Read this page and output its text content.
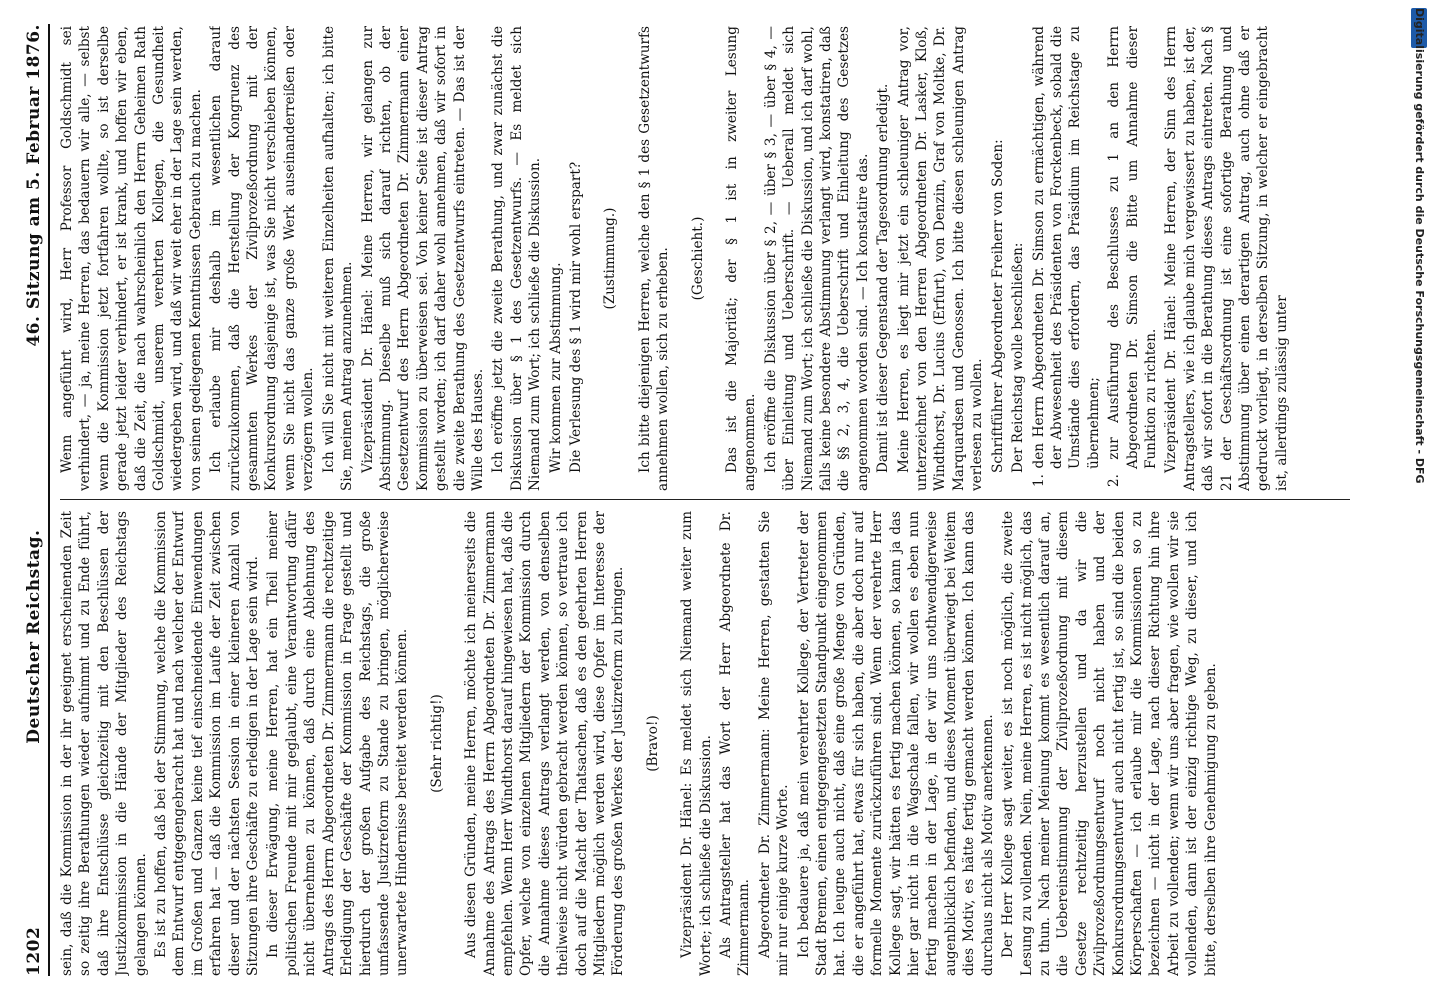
1202
Deutscher Reichstag.
46. Sitzung am 5. Februar 1876.

sein, daß die Kommission in der ihr geeignet erscheinenden Zeit so zeitig ihre Berathungen wieder aufnimmt und zu Ende führt, daß ihre Entschlüsse gleichzeitig mit den Beschlüssen der Justizkommission in die Hände der Mitglieder des Reichstags gelangen können. Es ist zu hoffen, daß bei der Stimmung, welche die Kommission dem Entwurf entgegengebracht hat und nach welcher der Entwurf im Großen und Ganzen keine tief einschneidende Einwendungen erfahren hat — daß die Kommission im Laufe der Zeit zwischen dieser und der nächsten Session in einer kleineren Anzahl von Sitzungen ihre Geschäfte zu erledigen in der Lage sein wird. In dieser Erwägung, meine Herren, hat ein Theil meiner politischen Freunde mit mir geglaubt, eine Verantwortung dafür nicht übernehmen zu können, daß durch eine Ablehnung des Antrags des Herrn Abgeordneten Dr. Zimmermann die rechtzeitige Erledigung der Geschäfte der Kommission in Frage gestellt und hierdurch der großen Aufgabe des Reichstags, die große umfassende Justizreform zu Stande zu bringen, möglicherweise unerwartete Hindernisse bereitet werden können. (Sehr richtig!) Aus diesen Gründen, meine Herren, möchte ich meinerseits die Annahme des Antrags des Herrn Abgeordneten Dr. Zimmermann empfehlen. Wenn Herr Windthorst darauf hingewiesen hat, daß die Opfer, welche von einzelnen Mitgliedern der Kommission durch die Annahme dieses Antrags verlangt werden, von denselben theilweise nicht würden gebracht werden können, so vertraue ich doch auf die Macht der Thatsachen, daß es den geehrten Herren Mitgliedern möglich werden wird, diese Opfer im Interesse der Förderung des großen Werkes der Justizreform zu bringen. (Bravo!) Vizepräsident Dr. Hänel: Es meldet sich Niemand weiter zum Worte; ich schließe die Diskussion. Als Antragsteller hat das Wort der Herr Abgeordnete Dr. Zimmermann. Abgeordneter Dr. Zimmermann: Meine Herren, gestatten Sie mir nur einige kurze Worte. Ich bedauere ja, daß mein verehrter Kollege, der Vertreter der Stadt Bremen, einen entgegengesetzten Standpunkt eingenommen hat. Ich leugne auch nicht, daß eine große Menge von Gründen, die er angeführt hat, etwas für sich haben, die aber doch nur auf formelle Momente zurückzuführen sind. Wenn der verehrte Herr Kollege sagt, wir hätten es fertig machen können, so kann ja das hier gar nicht in die Wagschale fallen, wir wollen es eben nun fertig machen in der Lage, in der wir uns nothwendigerweise augenblicklich befinden, und dieses Moment überwiegt bei Weitem dies Motiv, es hätte fertig gemacht werden können. Ich kann das durchaus nicht als Motiv anerkennen. Der Herr Kollege sagt weiter, es ist noch möglich, die zweite Lesung zu vollenden. Nein, meine Herren, es ist nicht möglich, das zu thun. Nach meiner Meinung kommt es wesentlich darauf an, die Uebereinstimmung der Zivilprozeßordnung mit diesem Gesetze rechtzeitig herzustellen und da wir die Zivilprozeßordnungsentwurf noch nicht haben und der Konkursordnungsentwurf auch nicht fertig ist, so sind die beiden Körperschaften — ich erlaube mir die Kommissionen so zu bezeichnen — nicht in der Lage, nach dieser Richtung hin ihre Arbeit zu vollenden; wenn wir uns aber fragen, wie wollen wir sie vollenden, dann ist der einzig richtige Weg, zu dieser, und ich bitte, derselben ihre Genehmigung zu geben.

Wenn angeführt wird, Herr Professor Goldschmidt sei verhindert, — ja, meine Herren, das bedauern wir alle, — selbst wenn die Kommission jetzt fortfahren wollte, so ist derselbe gerade jetzt leider verhindert, er ist krank, und hoffen wir eben, daß die Zeit, die nach wahrscheinlich den Herrn Geheimen Rath Goldschmidt, unserem verehrten Kollegen, die Gesundheit wiedergeben wird, und daß wir weit eher in der Lage sein werden, von seinen gediegenen Kenntnissen Gebrauch zu machen. Ich erlaube mir deshalb im wesentlichen darauf zurückzukommen, daß die Herstellung der Kongruenz des gesammten Werkes der Zivilprozeßordnung mit der Konkursordnung dasjenige ist, was Sie nicht verschieben können, wenn Sie nicht das ganze große Werk auseinanderreißen oder verzögern wollen. Ich will Sie nicht mit weiteren Einzelheiten aufhalten; ich bitte Sie, meinen Antrag anzunehmen. Vizepräsident Dr. Hänel: Meine Herren, wir gelangen zur Abstimmung. Dieselbe muß sich darauf richten, ob der Gesetzentwurf des Herrn Abgeordneten Dr. Zimmermann einer Kommission zu überweisen sei. Von keiner Seite ist dieser Antrag gestellt worden; ich darf daher wohl annehmen, daß wir sofort in die zweite Berathung des Gesetzentwurfs eintreten. — Das ist der Wille des Hauses. Ich eröffne jetzt die zweite Berathung, und zwar zunächst die Diskussion über § 1 des Gesetzentwurfs. — Es meldet sich Niemand zum Wort; ich schließe die Diskussion. Wir kommen zur Abstimmung. Die Verlesung des § 1 wird mir wohl erspart? (Zustimmung.) Ich bitte diejenigen Herren, welche den § 1 des Gesetzentwurfs annehmen wollen, sich zu erheben. (Geschieht.) Das ist die Majorität; der § 1 ist in zweiter Lesung angenommen. Ich eröffne die Diskussion über § 2, — über § 3, — über § 4, — über Einleitung und Ueberschrift. — Ueberall meldet sich Niemand zum Wort; ich schließe die Diskussion, und ich darf wohl, falls keine besondere Abstimmung verlangt wird, konstatiren, daß die §§ 2, 3, 4, die Ueberschrift und Einleitung des Gesetzes angenommen worden sind. — Ich konstatire das. Damit ist dieser Gegenstand der Tagesordnung erledigt. Meine Herren, es liegt mir jetzt ein schleuniger Antrag vor, unterzeichnet von den Herren Abgeordneten Dr. Lasker, Kloß, Windthorst, Dr. Lucius (Erfurt), von Denzin, Graf von Moltke, Dr. Marquardsen und Genossen. Ich bitte diesen schleunigen Antrag verlesen zu wollen. Schriftführer Abgeordneter Freiherr von Soden: Der Reichstag wolle beschließen: 1. den Herrn Abgeordneten Dr. Simson zu ermächtigen, während der Abwesenheit des Präsidenten von Forckenbeck, sobald die Umstände dies erfordern, das Präsidium im Reichstage zu übernehmen; 2. zur Ausführung des Beschlusses zu 1 an den Herrn Abgeordneten Dr. Simson die Bitte um Annahme dieser Funktion zu richten. Vizepräsident Dr. Hänel: Meine Herren, der Sinn des Herrn Antragstellers, wie ich glaube mich vergewissert zu haben, ist der, daß wir sofort in die Berathung dieses Antrags eintreten. Nach § 21 der Geschäftsordnung ist eine sofortige Berathung und Abstimmung über einen derartigen Antrag, auch ohne daß er gedruckt vorliegt, in derselben Sitzung, in welcher er eingebracht ist, allerdings zulässig unter	Digitalisierung gefördert durch die Deutsche Forschungsgemeinschaft - DFG
